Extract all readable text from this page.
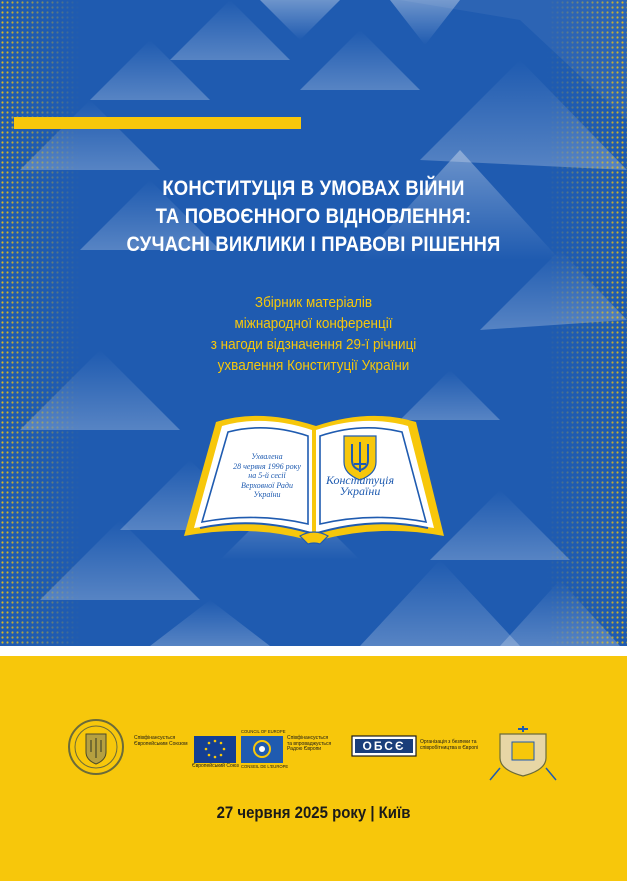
КОНСТИТУЦІЯ В УМОВАХ ВІЙНИ
ТА ПОВОЄННОГО ВІДНОВЛЕННЯ:
СУЧАСНІ ВИКЛИКИ І ПРАВОВІ РІШЕННЯ
Збірник матеріалів
міжнародної конференції
з нагоди відзначення 29-ї річниці
ухвалення Конституції України
Ухвалена
28 червня 1996 року
на 5-й сесії
Верховної Ради
України
Конституція
України
Співфінансується
Європейським Союзом
Європейський Союз
COUNCIL OF EUROPE
CONSEIL DE L'EUROPE
Співфінансується
та впроваджується
Радою Європи	ОБСЄ	Організація з безпеки та
співробітництва в Європі
27 червня 2025 року | Київ
